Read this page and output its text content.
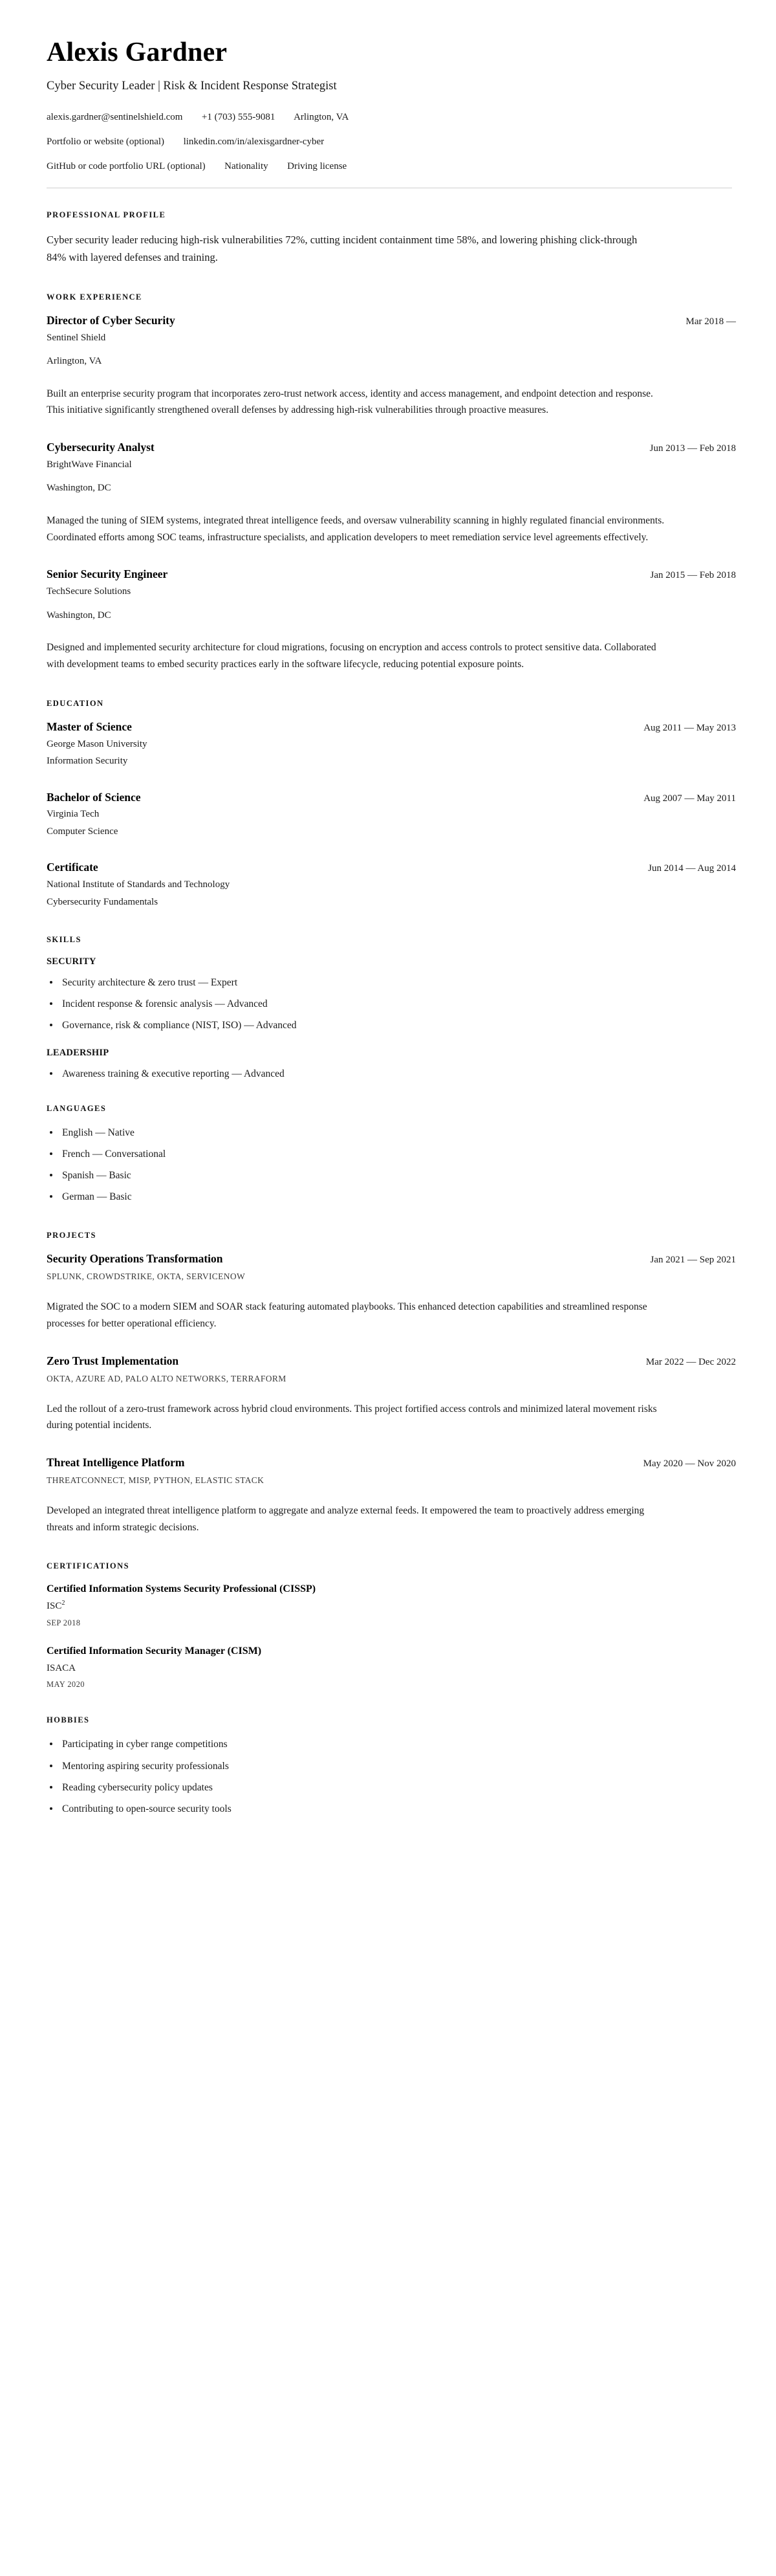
Alexis Gardner
Cyber Security Leader | Risk & Incident Response Strategist
alexis.gardner@sentinelshield.com +1 (703) 555-9081 Arlington, VA
Portfolio or website (optional) linkedin.com/in/alexisgardner-cyber
GitHub or code portfolio URL (optional) Nationality Driving license
PROFESSIONAL PROFILE

Cyber security leader reducing high-risk vulnerabilities 72%, cutting incident containment time 58%, and lowering phishing click-through 84% with layered defenses and training.

WORK EXPERIENCE
Director of Cyber Security	Mar 2018 —
Sentinel Shield
Arlington, VA
Built an enterprise security program that incorporates zero-trust network access, identity and access management, and endpoint detection and response. This initiative significantly strengthened overall defenses by addressing high-risk vulnerabilities through proactive measures.
Cybersecurity Analyst	Jun 2013 — Feb 2018
BrightWave Financial
Washington, DC
Managed the tuning of SIEM systems, integrated threat intelligence feeds, and oversaw vulnerability scanning in highly regulated financial environments. Coordinated efforts among SOC teams, infrastructure specialists, and application developers to meet remediation service level agreements effectively.
Senior Security Engineer	Jan 2015 — Feb 2018
TechSecure Solutions
Washington, DC
Designed and implemented security architecture for cloud migrations, focusing on encryption and access controls to protect sensitive data. Collaborated with development teams to embed security practices early in the software lifecycle, reducing potential exposure points.
EDUCATION
Master of Science	Aug 2011 — May 2013
George Mason University
Information Security
Bachelor of Science	Aug 2007 — May 2011
Virginia Tech
Computer Science
Certificate	Jun 2014 — Aug 2014
National Institute of Standards and Technology
Cybersecurity Fundamentals
SKILLS
SECURITY
Security architecture & zero trust — Expert
Incident response & forensic analysis — Advanced
Governance, risk & compliance (NIST, ISO) — Advanced
LEADERSHIP
Awareness training & executive reporting — Advanced
LANGUAGES
English — Native
French — Conversational
Spanish — Basic
German — Basic
PROJECTS
Security Operations Transformation	Jan 2021 — Sep 2021
SPLUNK, CROWDSTRIKE, OKTA, SERVICENOW
Migrated the SOC to a modern SIEM and SOAR stack featuring automated playbooks. This enhanced detection capabilities and streamlined response processes for better operational efficiency.
Zero Trust Implementation	Mar 2022 — Dec 2022
OKTA, AZURE AD, PALO ALTO NETWORKS, TERRAFORM
Led the rollout of a zero-trust framework across hybrid cloud environments. This project fortified access controls and minimized lateral movement risks during potential incidents.
Threat Intelligence Platform	May 2020 — Nov 2020
THREATCONNECT, MISP, PYTHON, ELASTIC STACK
Developed an integrated threat intelligence platform to aggregate and analyze external feeds. It empowered the team to proactively address emerging threats and inform strategic decisions.
CERTIFICATIONS
Certified Information Systems Security Professional (CISSP)
ISC$^2$
SEP 2018
Certified Information Security Manager (CISM)
ISACA
MAY 2020
HOBBIES
Participating in cyber range competitions
Mentoring aspiring security professionals
Reading cybersecurity policy updates
Contributing to open-source security tools
